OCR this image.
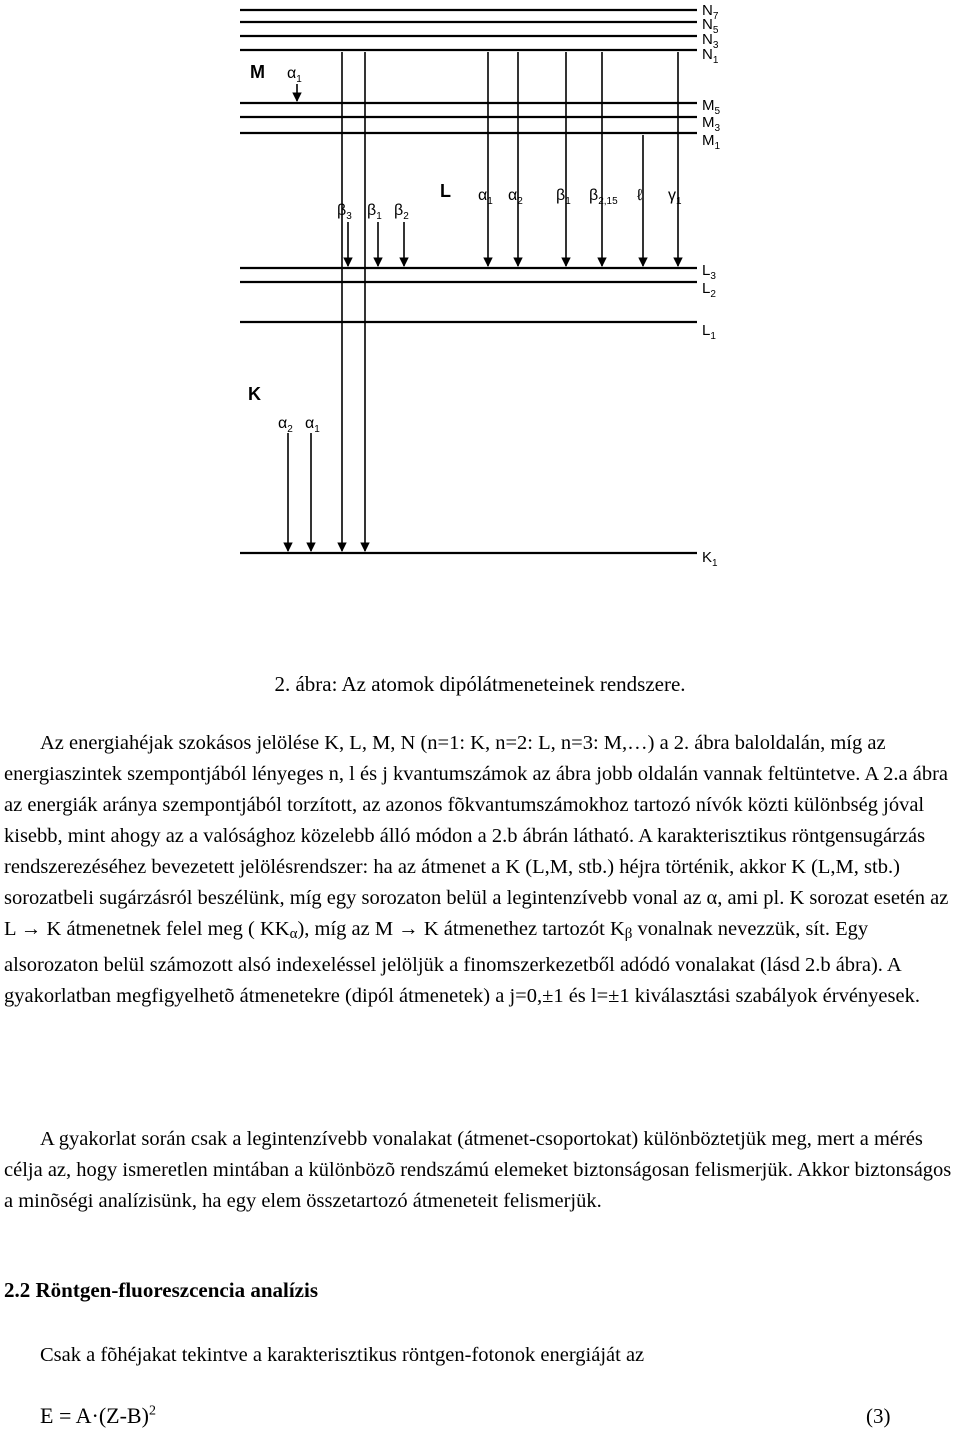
$N_7$
$N_5$
$N_3$
$N_1$
$M_5$
$M_3$
$M_1$
$L_3$
$L_2$
$L_1$
$K_1$
M
L
K
$\alpha_1$
$\beta_3$ $\beta_1$ $\beta_2$
$\alpha_1$ $\alpha_2$ $\beta_1$ $\beta_{2,15}$ ℓ $\gamma_1$
$\alpha_2$ $\alpha_1$
2. ábra: Az atomok dipólátmeneteinek rendszere.

Az energiahéjak szokásos jelölése K, L, M, N (n=1: K, n=2: L, n=3: M,…) a 2. ábra baloldalán, míg az energiaszintek szempontjából lényeges n, l és j kvantumszámok az ábra jobb oldalán vannak feltüntetve. A 2.a ábra az energiák aránya szempontjából torzított, az azonos fõkvantumszámokhoz tartozó nívók közti különbség jóval kisebb, mint ahogy az a valósághoz közelebb álló módon a 2.b ábrán látható. A karakterisztikus röntgensugárzás rendszerezéséhez bevezetett jelölésrendszer: ha az átmenet a K (L,M, stb.) héjra történik, akkor K (L,M, stb.) sorozatbeli sugárzásról beszélünk, míg egy sorozaton belül a legintenzívebb vonal az α, ami pl. K sorozat esetén az L → K átmenetnek felel meg ( $KK_\alpha$), míg az M → K átmenethez tartozót $K_\beta$ vonalnak nevezzük, sít. Egy alsorozaton belül számozott alsó indexeléssel jelöljük a finomszerkezetből adódó vonalakat (lásd 2.b ábra). A gyakorlatban megfigyelhetõ átmenetekre (dipól átmenetek) a j=0,±1 és l=±1 kiválasztási szabályok érvényesek.

A gyakorlat során csak a legintenzívebb vonalakat (átmenet-csoportokat) különböztetjük meg, mert a mérés célja az, hogy ismeretlen mintában a különbözõ rendszámú elemeket biztonságosan felismerjük. Akkor biztonságos a minõségi analízisünk, ha egy elem összetartozó átmeneteit felismerjük.

2.2 Röntgen-fluoreszcencia analízis

Csak a fõhéjakat tekintve a karakterisztikus röntgen-fotonok energiáját az

$E = A\cdot(Z-B)^2$	(3)
